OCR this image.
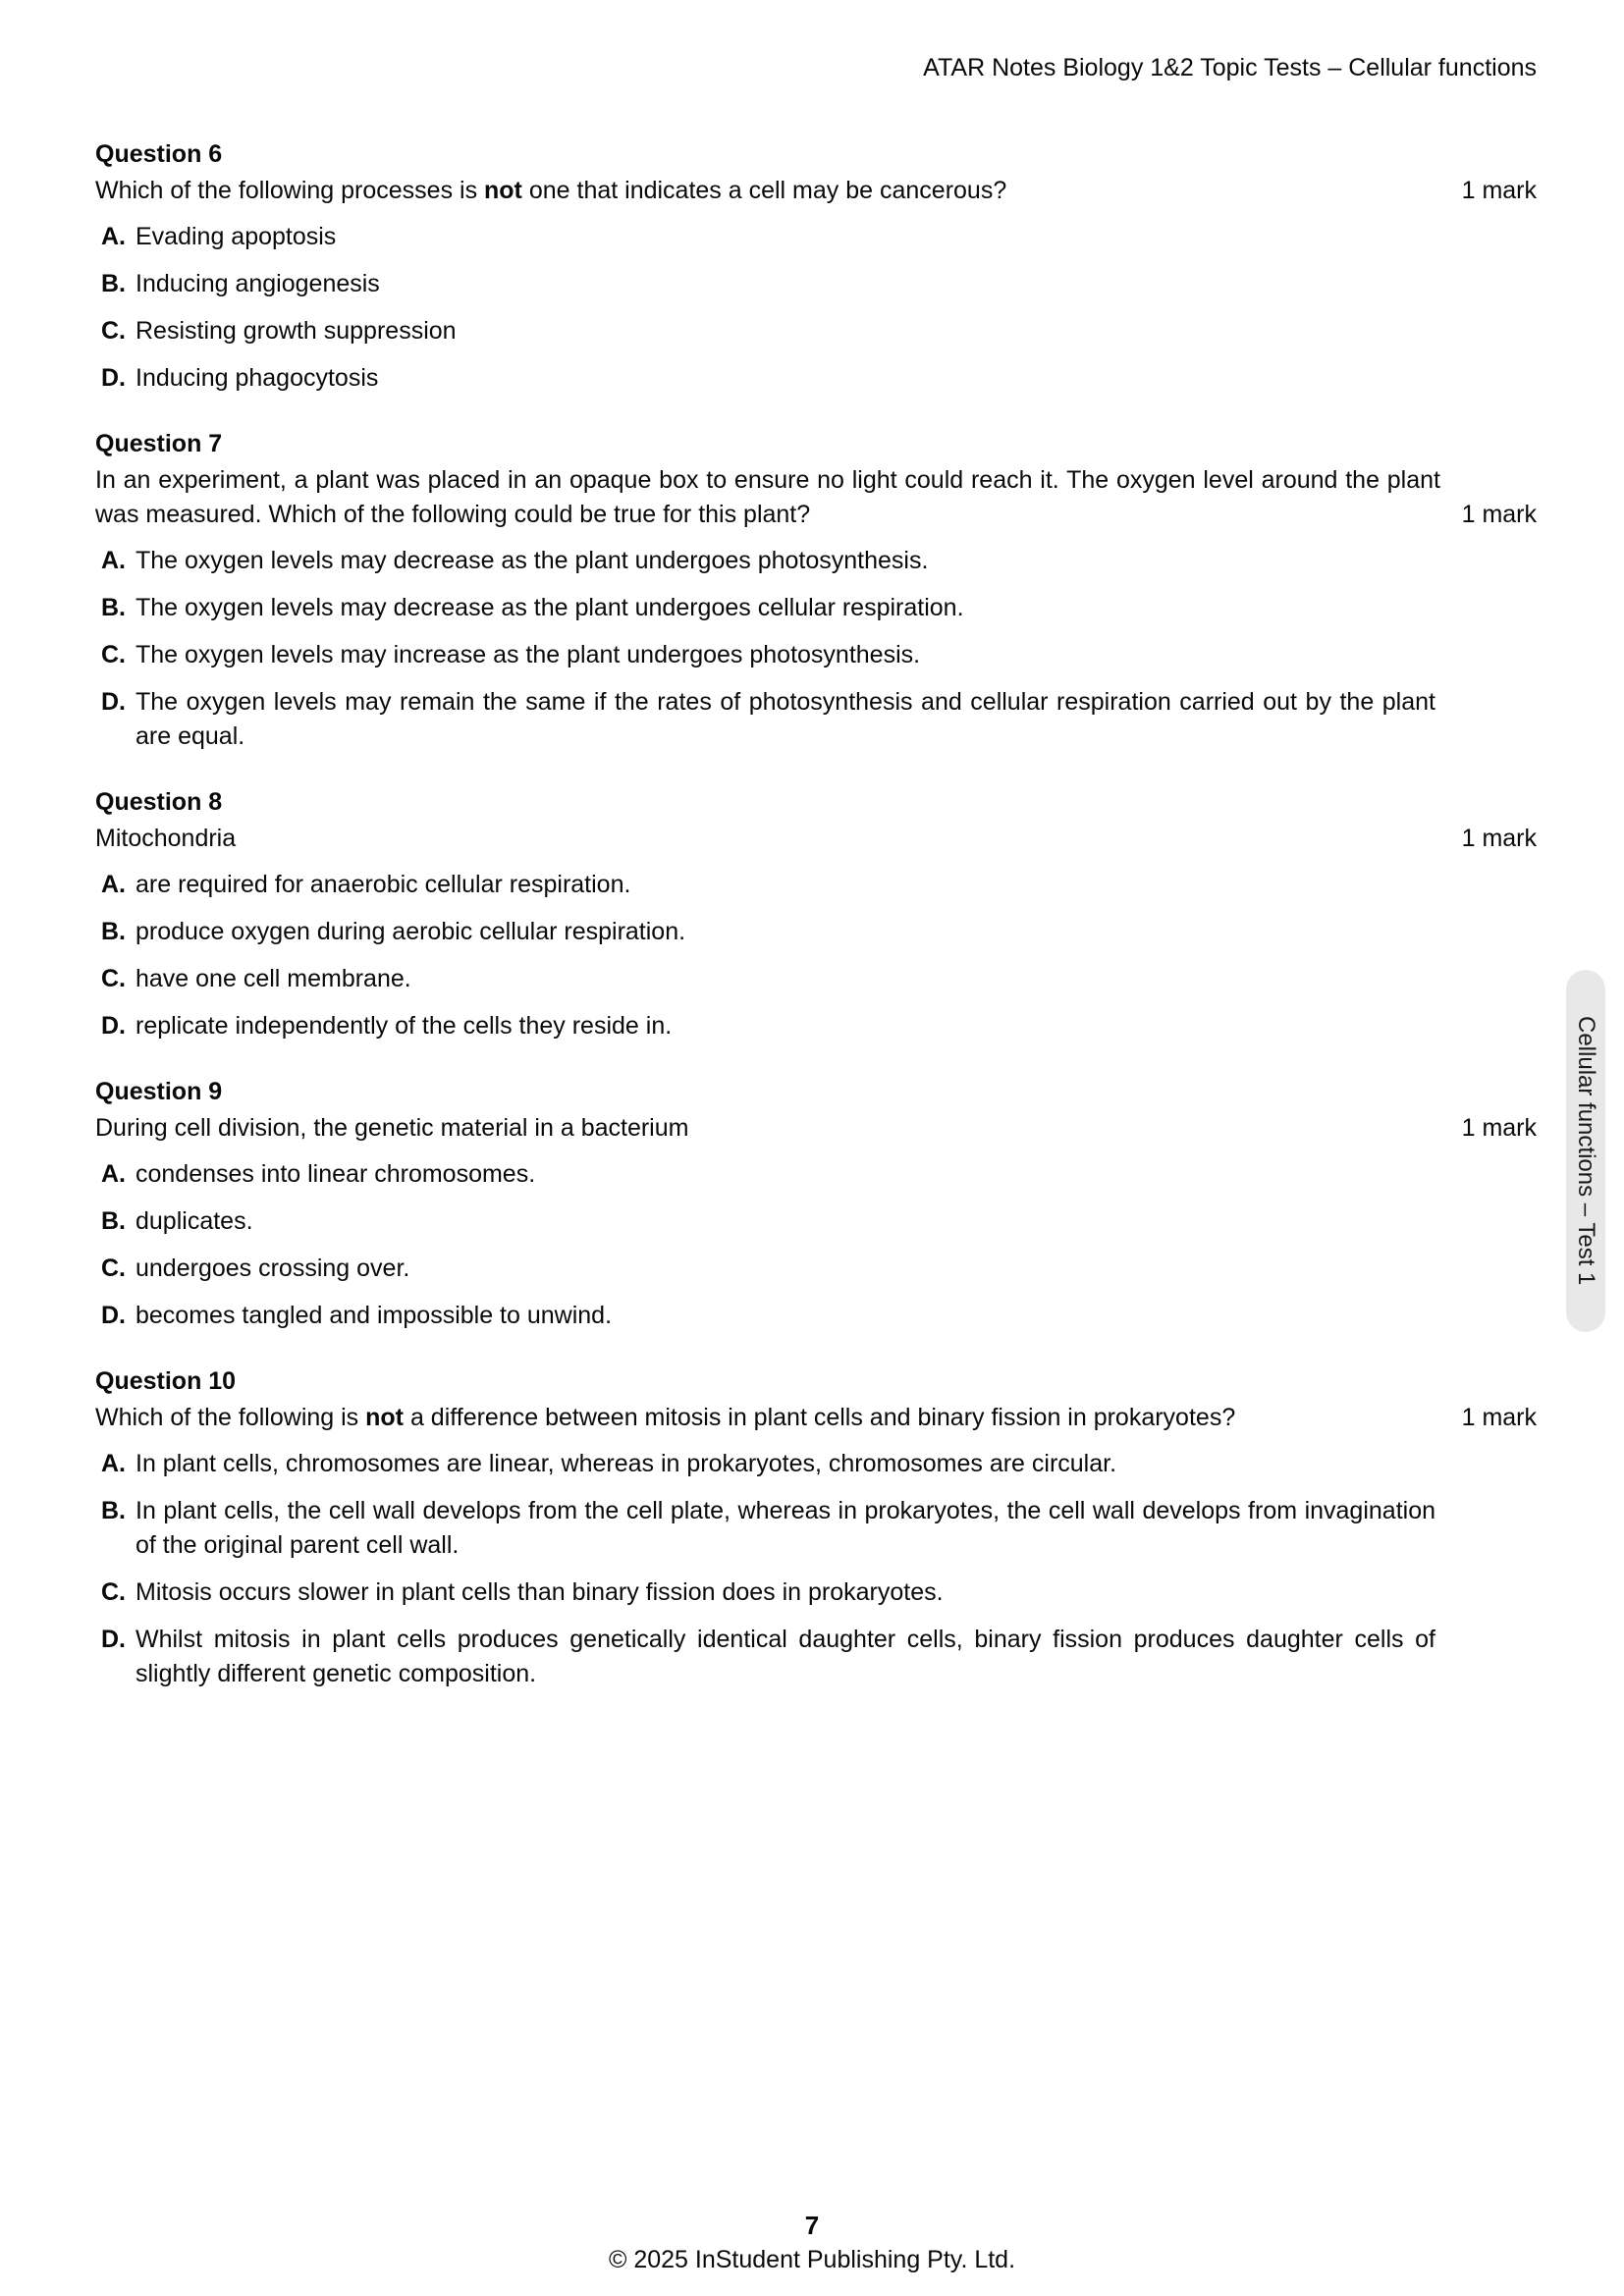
ATAR Notes Biology 1&2 Topic Tests – Cellular functions
Question 6

Which of the following processes is not one that indicates a cell may be cancerous?	1 mark
A. Evading apoptosis
B. Inducing angiogenesis
C. Resisting growth suppression
D. Inducing phagocytosis
Question 7

In an experiment, a plant was placed in an opaque box to ensure no light could reach it. The oxygen level around the plant was measured. Which of the following could be true for this plant?	1 mark
A. The oxygen levels may decrease as the plant undergoes photosynthesis.
B. The oxygen levels may decrease as the plant undergoes cellular respiration.
C. The oxygen levels may increase as the plant undergoes photosynthesis.
D. The oxygen levels may remain the same if the rates of photosynthesis and cellular respiration carried out by the plant are equal.
Question 8

Mitochondria	1 mark
A. are required for anaerobic cellular respiration.
B. produce oxygen during aerobic cellular respiration.
C. have one cell membrane.
D. replicate independently of the cells they reside in.
Question 9

During cell division, the genetic material in a bacterium	1 mark
A. condenses into linear chromosomes.
B. duplicates.
C. undergoes crossing over.
D. becomes tangled and impossible to unwind.
Question 10

Which of the following is not a difference between mitosis in plant cells and binary fission in prokaryotes?	1 mark
A. In plant cells, chromosomes are linear, whereas in prokaryotes, chromosomes are circular.
B. In plant cells, the cell wall develops from the cell plate, whereas in prokaryotes, the cell wall develops from invagination of the original parent cell wall.
C. Mitosis occurs slower in plant cells than binary fission does in prokaryotes.
D. Whilst mitosis in plant cells produces genetically identical daughter cells, binary fission produces daughter cells of slightly different genetic composition.
Cellular functions – Test 1
7
© 2025 InStudent Publishing Pty. Ltd.
